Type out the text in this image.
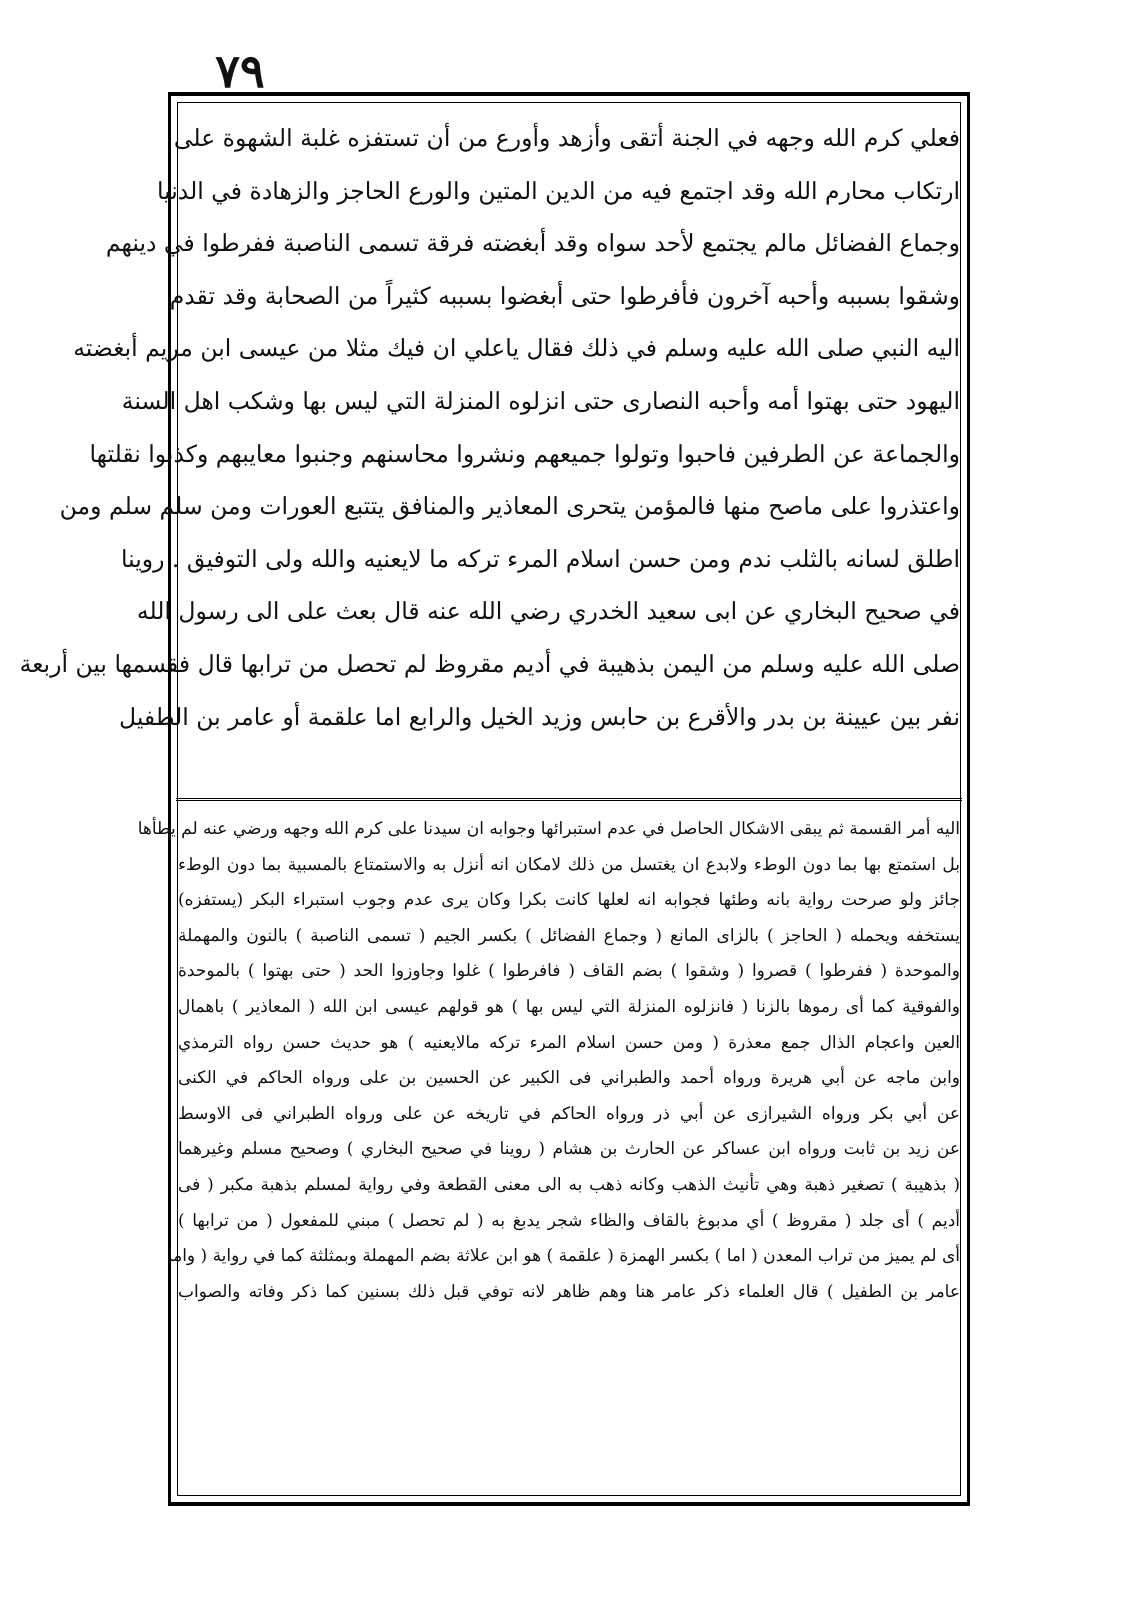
٧٩
فعلي كرم الله وجهه في الجنة أتقى وأزهد وأورع من أن تستفزه غلبة الشهوة على
ارتكاب محارم الله وقد اجتمع فيه من الدين المتين والورع الحاجز والزهادة في الدنيا
وجماع الفضائل مالم يجتمع لأحد سواه وقد أبغضته فرقة تسمى الناصبة ففرطوا في دينهم
وشقوا بسببه وأحبه آخرون فأفرطوا حتى أبغضوا بسببه كثيراً من الصحابة وقد تقدم
اليه النبي صلى الله عليه وسلم في ذلك فقال ياعلي ان فيك مثلا من عيسى ابن مريم أبغضته
اليهود حتى بهتوا أمه وأحبه النصارى حتى انزلوه المنزلة التي ليس بها وشكب اهل السنة
والجماعة عن الطرفين فاحبوا وتولوا جميعهم ونشروا محاسنهم وجنبوا معايبهم وكذبوا نقلتها
واعتذروا على ماصح منها فالمؤمن يتحرى المعاذير والمنافق يتتبع العورات ومن سلم سلم ومن
اطلق لسانه بالثلب ندم ومن حسن اسلام المرء تركه ما لايعنيه والله ولى التوفيق . روينا
في صحيح البخاري عن ابى سعيد الخدري رضي الله عنه قال بعث على الى رسول الله
صلى الله عليه وسلم من اليمن بذهيبة في أديم مقروظ لم تحصل من ترابها قال فقسمها بين أربعة
نفر بين عيينة بن بدر والأقرع بن حابس وزيد الخيل والرابع اما علقمة أو عامر بن الطفيل
اليه أمر القسمة ثم يبقى الاشكال الحاصل في عدم استبرائها وجوابه ان سيدنا على كرم الله وجهه ورضي عنه لم يطأها
بل استمتع بها بما دون الوطء ولابدع ان يغتسل من ذلك لامكان انه أنزل به والاستمتاع بالمسبية بما دون الوطء
جائز ولو صرحت رواية بانه وطئها فجوابه انه لعلها كانت بكرا وكان يرى عدم وجوب استبراء البكر (يستفزه)
يستخفه ويحمله ( الحاجز ) بالزاى المانع ( وجماع الفضائل ) بكسر الجيم ( تسمى الناصبة ) بالنون والمهملة
والموحدة ( ففرطوا ) قصروا ( وشقوا ) بضم القاف ( فافرطوا ) غلوا وجاوزوا الحد ( حتى بهتوا ) بالموحدة
والفوقية كما أى رموها بالزنا ( فانزلوه المنزلة التي ليس بها ) هو قولهم عيسى ابن الله ( المعاذير ) باهمال
العين واعجام الذال جمع معذرة ( ومن حسن اسلام المرء تركه مالايعنيه ) هو حديث حسن رواه الترمذي
وابن ماجه عن أبي هريرة ورواه أحمد والطبراني فى الكبير عن الحسين بن على ورواه الحاكم في الكنى
عن أبي بكر ورواه الشيرازى عن أبي ذر ورواه الحاكم في تاريخه عن على ورواه الطبراني فى الاوسط
عن زيد بن ثابت ورواه ابن عساكر عن الحارث بن هشام ( روينا في صحيح البخاري ) وصحيح مسلم وغيرهما
( بذهيبة ) تصغير ذهبة وهي تأنيث الذهب وكانه ذهب به الى معنى القطعة وفي رواية لمسلم بذهبة مكبر ( فى
أديم ) أى جلد ( مقروظ ) أي مدبوغ بالقاف والظاء شجر يدبغ به ( لم تحصل ) مبني للمفعول ( من ترابها )
أى لم يميز من تراب المعدن ( اما ) بكسر الهمزة ( علقمة ) هو ابن علاثة بضم المهملة وبمثلثة كما في رواية ( واما
عامر بن الطفيل ) قال العلماء ذكر عامر هنا وهم ظاهر لانه توفي قبل ذلك بسنين كما ذكر وفاته والصواب
